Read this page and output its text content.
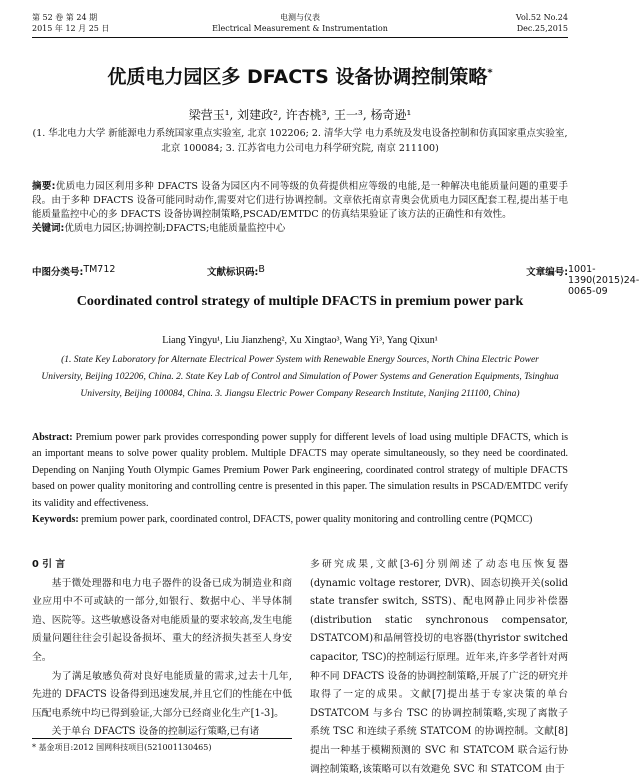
第 52 卷 第 24 期
2015 年 12 月 25 日
电测与仪表
Electrical Measurement & Instrumentation
Vol.52 No.24
Dec.25,2015
优质电力园区多 DFACTS 设备协调控制策略*
梁营玉¹, 刘建政², 许杏桃³, 王一³, 杨奇逊¹
(1. 华北电力大学 新能源电力系统国家重点实验室, 北京 102206; 2. 清华大学 电力系统及发电设备控制和仿真国家重点实验室, 北京 100084; 3. 江苏省电力公司电力科学研究院, 南京 211100)
摘要:优质电力园区利用多种 DFACTS 设备为园区内不同等级的负荷提供相应等级的电能,是一种解决电能质量问题的重要手段。由于多种 DFACTS 设备可能同时动作,需要对它们进行协调控制。文章依托南京青奥会优质电力园区配套工程,提出基于电能质量监控中心的多 DFACTS 设备协调控制策略,PSCAD/EMTDC 的仿真结果验证了该方法的正确性和有效性。
关键词:优质电力园区;协调控制;DFACTS;电能质量监控中心
中图分类号: TM712	文献标识码: B	文章编号: 1001-1390(2015)24-0065-09
Coordinated control strategy of multiple DFACTS in premium power park
Liang Yingyu¹, Liu Jianzheng², Xu Xingtao³, Wang Yi³, Yang Qixun¹
(1. State Key Laboratory for Alternate Electrical Power System with Renewable Energy Sources, North China Electric Power University, Beijing 102206, China. 2. State Key Lab of Control and Simulation of Power Systems and Generation Equipments, Tsinghua University, Beijing 100084, China. 3. Jiangsu Electric Power Company Research Institute, Nanjing 211100, China)
Abstract: Premium power park provides corresponding power supply for different levels of load using multiple DFACTS, which is an important means to solve power quality problem. Multiple DFACTS may operate simultaneously, so they need be coordinated. Depending on Nanjing Youth Olympic Games Premium Power Park engineering, coordinated control strategy of multiple DFACTS based on power quality monitoring and controlling centre is presented in this paper. The simulation results in PSCAD/EMTDC verify its validity and effectiveness.
Keywords: premium power park, coordinated control, DFACTS, power quality monitoring and controlling centre (PQMCC)
0 引 言

基于微处理器和电力电子器件的设备已成为制造业和商业应用中不可或缺的一部分,如银行、数据中心、半导体制造、医院等。这些敏感设备对电能质量的要求较高,发生电能质量问题往往会引起设备损坏、重大的经济损失甚至人身安全。

为了满足敏感负荷对良好电能质量的需求,过去十几年,先进的 DFACTS 设备得到迅速发展,并且它们的性能在中低压配电系统中均已得到验证,大部分已经商业化生产[1-3]。

关于单台 DFACTS 设备的控制运行策略,已有诸

多研究成果,文献[3-6]分别阐述了动态电压恢复器(dynamic voltage restorer, DVR)、固态切换开关(solid state transfer switch, SSTS)、配电网静止同步补偿器(distribution static synchronous compensator, DSTATCOM)和晶闸管投切的电容器(thyristor switched capacitor, TSC)的控制运行原理。近年来,许多学者针对两种不同 DFACTS 设备的协调控制策略,开展了广泛的研究并取得了一定的成果。文献[7]提出基于专家决策的单台 DSTATCOM 与多台 TSC 的协调控制策略,实现了离散子系统 TSC 和连续子系统 STATCOM 的协调控制。文献[8]提出一种基于模糊预测的 SVC 和 STATCOM 联合运行协调控制策略,该策略可以有效避免 SVC 和 STATCOM 由于

* 基金项目:2012 国网科技项目(521001130465)
